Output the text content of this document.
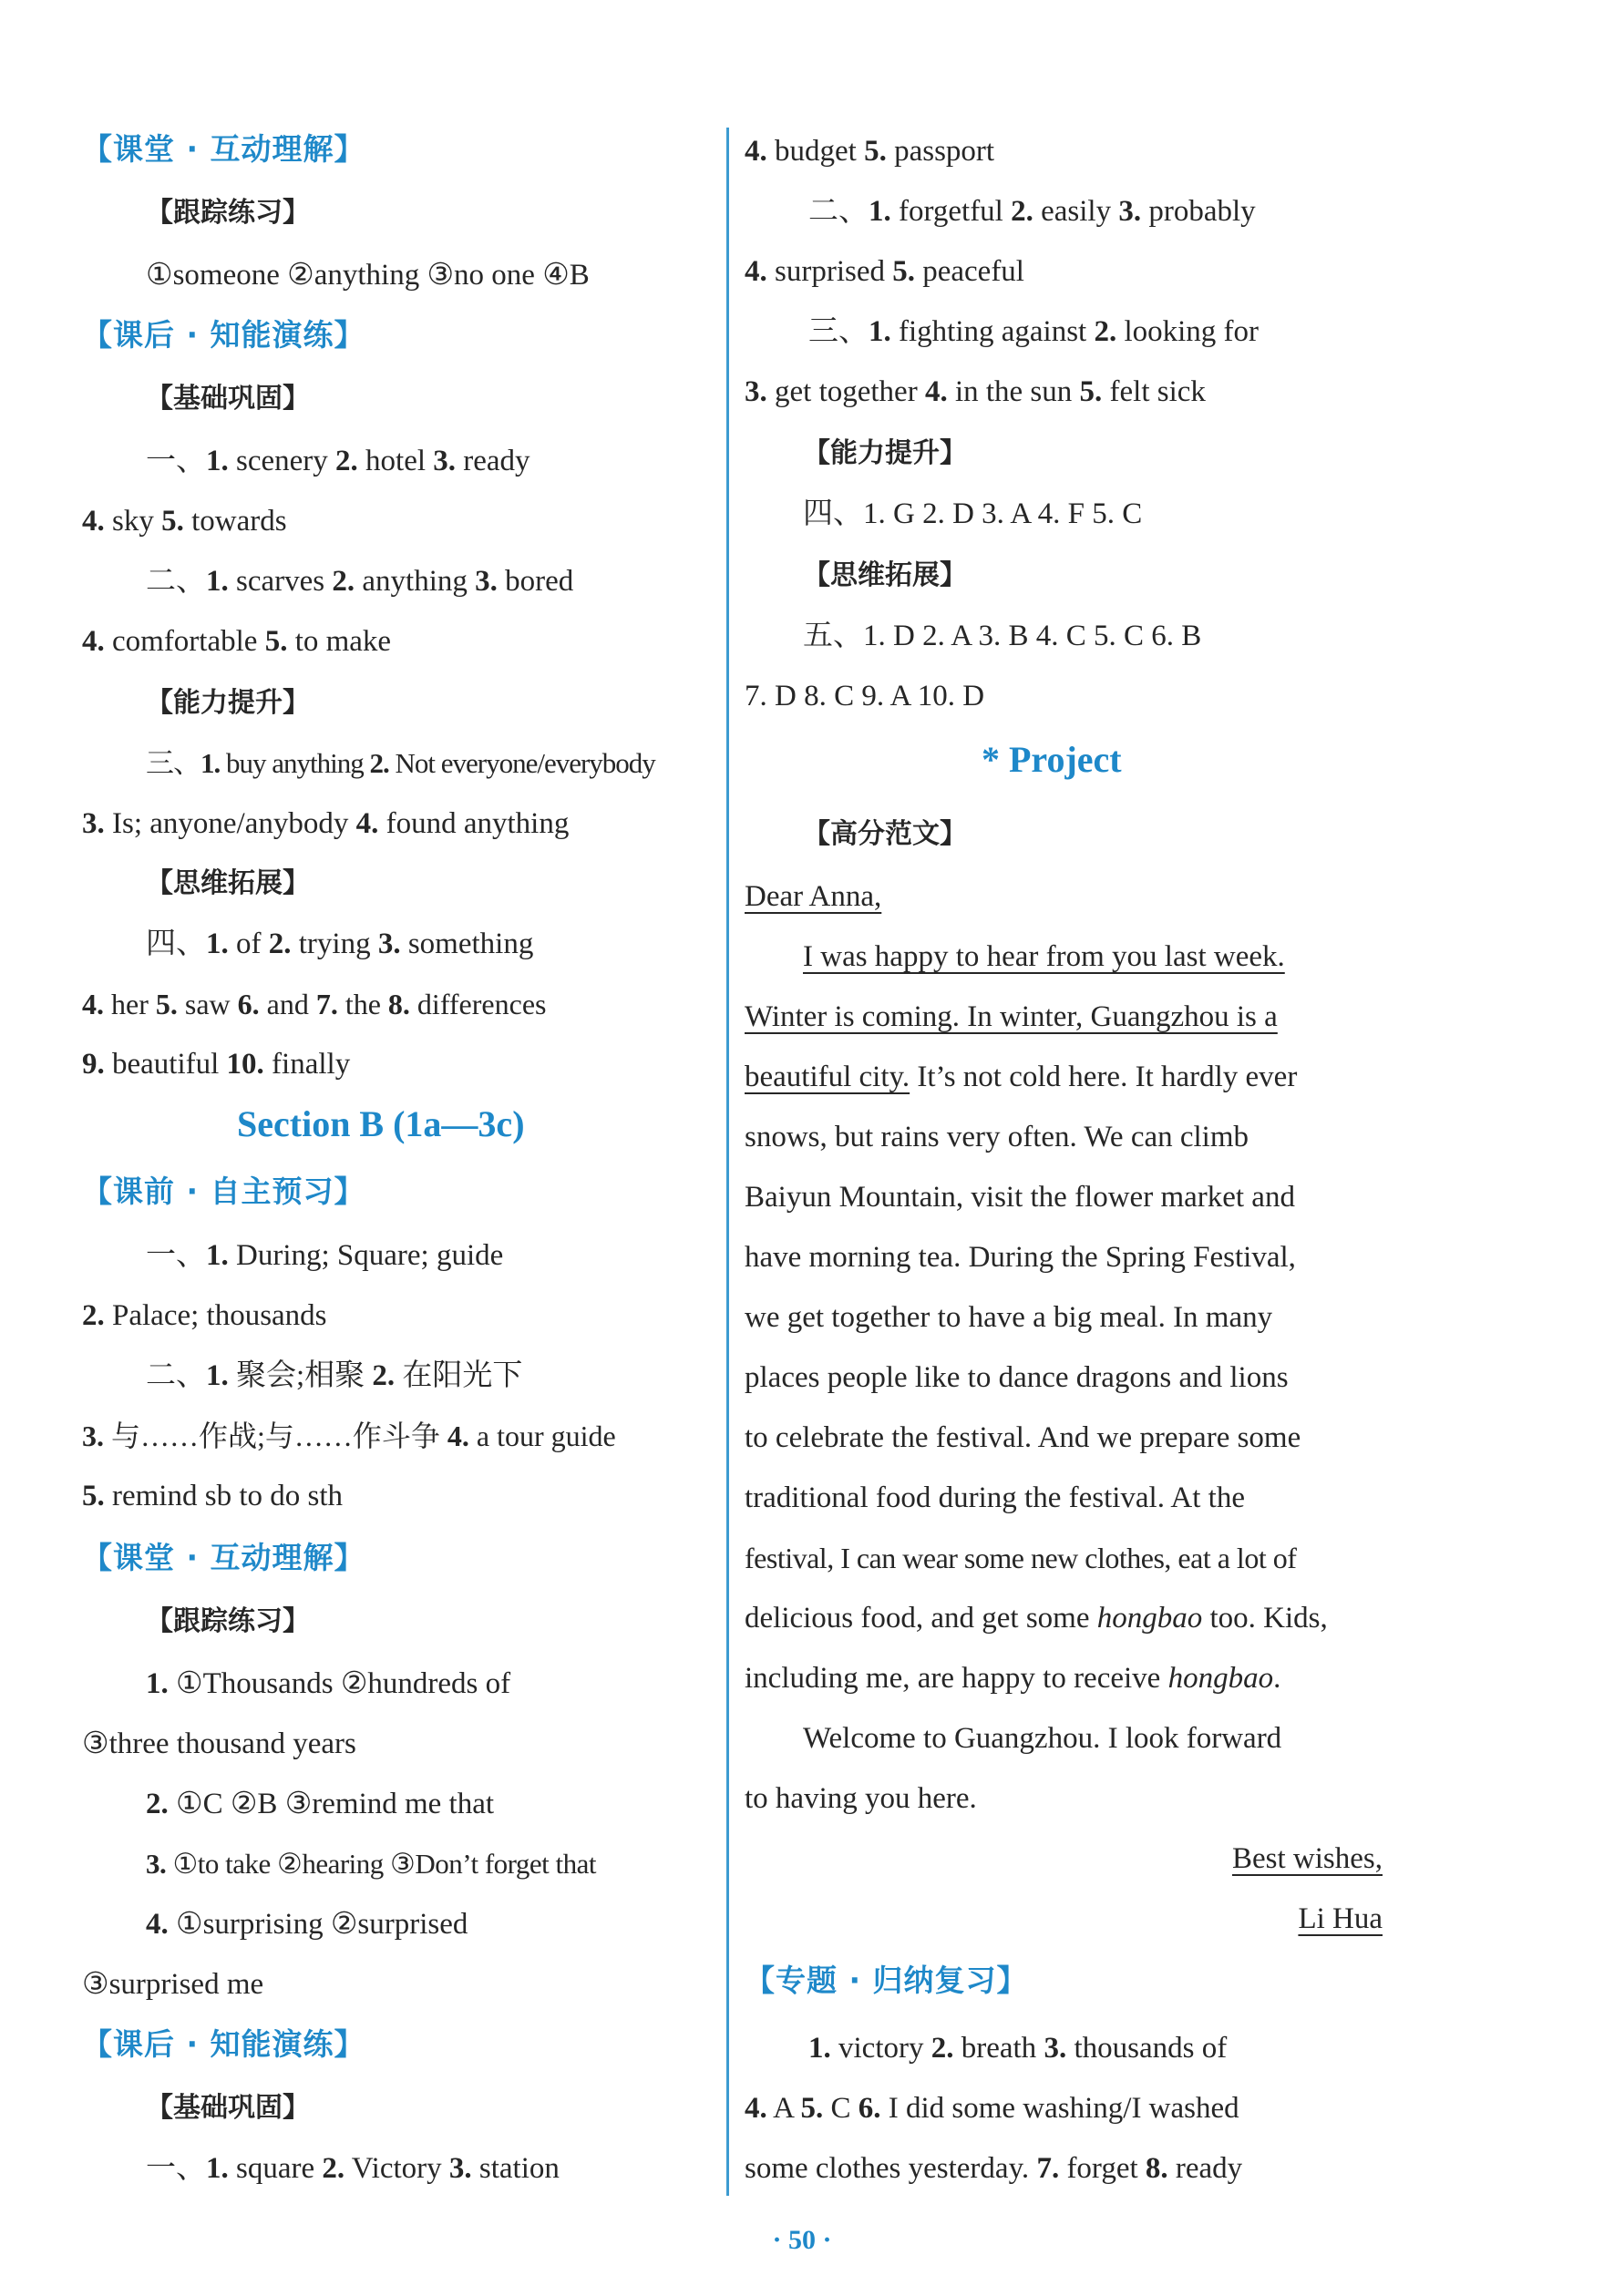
【课堂 · 互动理解】
【跟踪练习】
①someone ②anything ③no one ④B
【课后 · 知能演练】
【基础巩固】
一、1. scenery 2. hotel 3. ready
4. sky 5. towards
二、1. scarves 2. anything 3. bored
4. comfortable 5. to make
【能力提升】
三、1. buy anything 2. Not everyone/everybody
3. Is; anyone/anybody 4. found anything
【思维拓展】
四、1. of 2. trying 3. something
4. her 5. saw 6. and 7. the 8. differences
9. beautiful 10. finally
Section B (1a—3c)
【课前 · 自主预习】
一、1. During; Square; guide
2. Palace; thousands
二、1. 聚会;相聚 2. 在阳光下
3. 与……作战;与……作斗争 4. a tour guide
5. remind sb to do sth
【课堂 · 互动理解】
【跟踪练习】
1. ①Thousands ②hundreds of
③three thousand years
2. ①C ②B ③remind me that
3. ①to take ②hearing ③Don’t forget that
4. ①surprising ②surprised
③surprised me
【课后 · 知能演练】
【基础巩固】
一、1. square 2. Victory 3. station
4. budget 5. passport
二、1. forgetful 2. easily 3. probably
4. surprised 5. peaceful
三、1. fighting against 2. looking for
3. get together 4. in the sun 5. felt sick
【能力提升】
四、1. G 2. D 3. A 4. F 5. C
【思维拓展】
五、1. D 2. A 3. B 4. C 5. C 6. B
7. D 8. C 9. A 10. D
* Project
【高分范文】
Dear Anna,
I was happy to hear from you last week.
Winter is coming. In winter, Guangzhou is a
beautiful city. It’s not cold here. It hardly ever
snows, but rains very often. We can climb
Baiyun Mountain, visit the flower market and
have morning tea. During the Spring Festival,
we get together to have a big meal. In many
places people like to dance dragons and lions
to celebrate the festival. And we prepare some
traditional food during the festival. At the
festival, I can wear some new clothes, eat a lot of
delicious food, and get some hongbao too. Kids,
including me, are happy to receive hongbao.
Welcome to Guangzhou. I look forward
to having you here.
Best wishes,
Li Hua
【专题 · 归纳复习】
1. victory 2. breath 3. thousands of
4. A 5. C 6. I did some washing/I washed
some clothes yesterday. 7. forget 8. ready
· 50 ·
